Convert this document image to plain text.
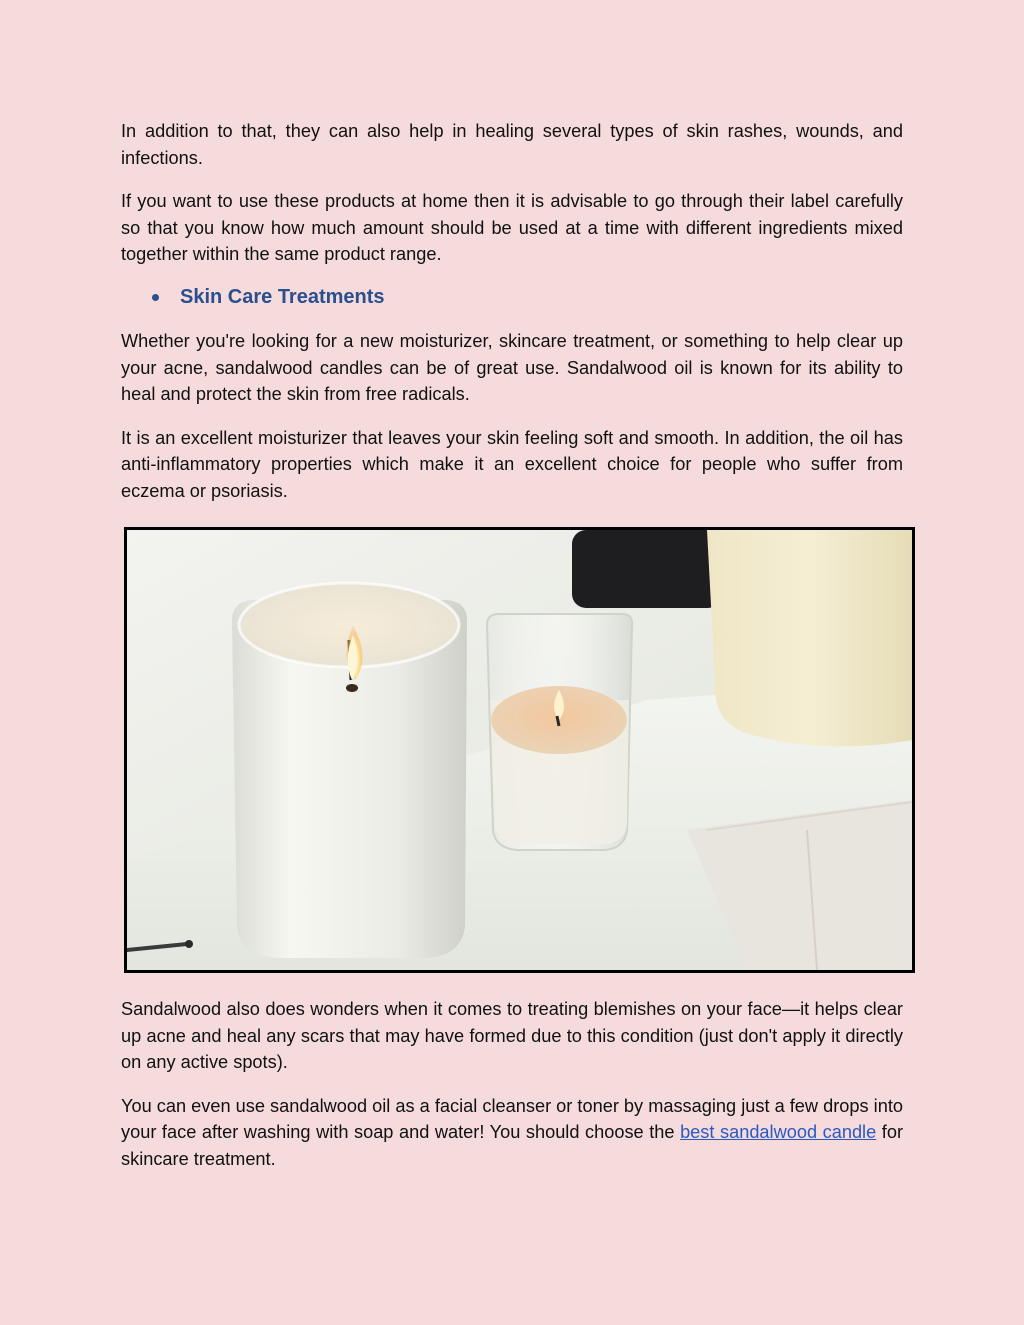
In addition to that, they can also help in healing several types of skin rashes, wounds, and infections.

If you want to use these products at home then it is advisable to go through their label carefully so that you know how much amount should be used at a time with different ingredients mixed together within the same product range.

Skin Care Treatments

Whether you're looking for a new moisturizer, skincare treatment, or something to help clear up your acne, sandalwood candles can be of great use. Sandalwood oil is known for its ability to heal and protect the skin from free radicals.

It is an excellent moisturizer that leaves your skin feeling soft and smooth. In addition, the oil has anti-inflammatory properties which make it an excellent choice for people who suffer from eczema or psoriasis.

Sandalwood also does wonders when it comes to treating blemishes on your face—it helps clear up acne and heal any scars that may have formed due to this condition (just don't apply it directly on any active spots).

You can even use sandalwood oil as a facial cleanser or toner by massaging just a few drops into your face after washing with soap and water! You should choose the best sandalwood candle for skincare treatment.
